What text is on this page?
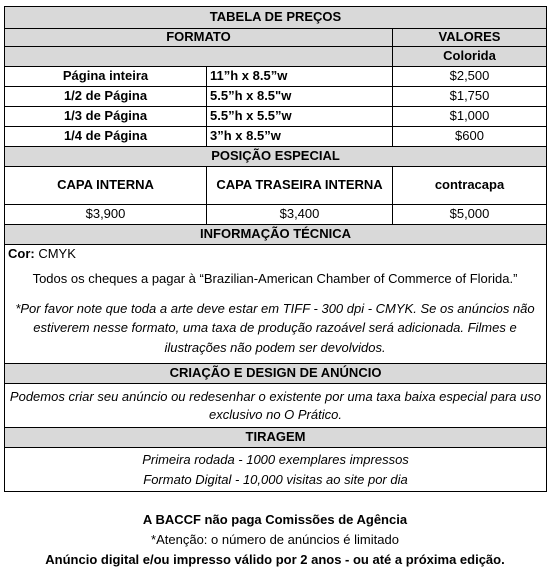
TABELA DE PREÇOS		
FORMATO		VALORES
		Colorida
Página inteira	11”h x 8.5”w	$2,500
1/2 de Página	5.5”h x 8.5"w	$1,750
1/3 de Página	5.5”h x 5.5”w	$1,000
1/4 de Página	3”h x 8.5”w	$600
POSIÇÃO ESPECIAL		
CAPA INTERNA	CAPA TRASEIRA INTERNA	contracapa
$3,900	$3,400	$5,000
INFORMAÇÃO TÉCNICA		

Cor: CMYK
Todos os cheques a pagar à “Brazilian-American Chamber of Commerce of Florida.”
*Por favor note que toda a arte deve estar em TIFF - 300 dpi - CMYK. Se os anúncios não estiverem nesse formato, uma taxa de produção razoável será adicionada. Filmes e ilustrações não podem ser devolvidos.		

CRIAÇÃO E DESIGN DE ANÚNCIO		
Podemos criar seu anúncio ou redesenhar o existente por uma taxa baixa especial para uso exclusivo no O Prático.		
TIRAGEM		

Primeira rodada - 1000 exemplares impressos
Formato Digital - 10,000 visitas ao site por dia		
A BACCF não paga Comissões de Agência
*Atenção: o número de anúncios é limitado
Anúncio digital e/ou impresso válido por 2 anos - ou até a próxima edição.
